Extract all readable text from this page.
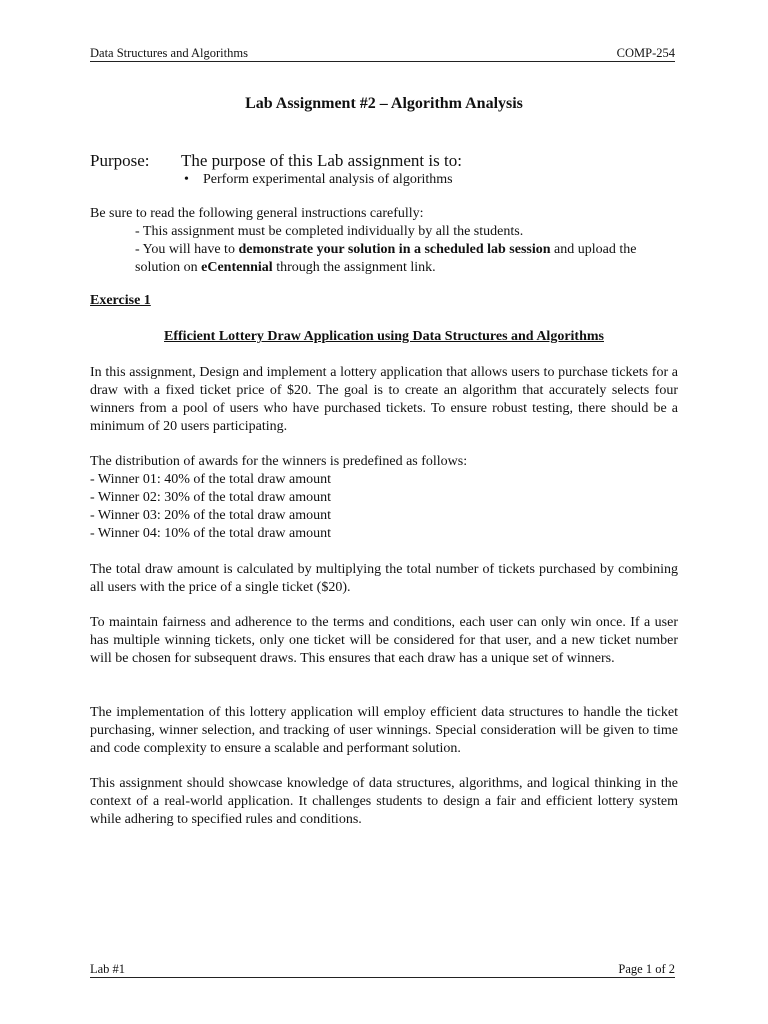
Data Structures and Algorithms	COMP-254
Lab Assignment #2 – Algorithm Analysis
Purpose: The purpose of this Lab assignment is to:
• Perform experimental analysis of algorithms

Be sure to read the following general instructions carefully:

- This assignment must be completed individually by all the students.

- You will have to demonstrate your solution in a scheduled lab session and upload the solution on eCentennial through the assignment link.

Exercise 1
Efficient Lottery Draw Application using Data Structures and Algorithms
In this assignment, Design and implement a lottery application that allows users to purchase tickets for a draw with a fixed ticket price of $20. The goal is to create an algorithm that accurately selects four winners from a pool of users who have purchased tickets. To ensure robust testing, there should be a minimum of 20 users participating.

The distribution of awards for the winners is predefined as follows:

- Winner 01: 40% of the total draw amount

- Winner 02: 30% of the total draw amount

- Winner 03: 20% of the total draw amount

- Winner 04: 10% of the total draw amount

The total draw amount is calculated by multiplying the total number of tickets purchased by combining all users with the price of a single ticket ($20).
To maintain fairness and adherence to the terms and conditions, each user can only win once. If a user has multiple winning tickets, only one ticket will be considered for that user, and a new ticket number will be chosen for subsequent draws. This ensures that each draw has a unique set of winners.
The implementation of this lottery application will employ efficient data structures to handle the ticket purchasing, winner selection, and tracking of user winnings. Special consideration will be given to time and code complexity to ensure a scalable and performant solution.
This assignment should showcase knowledge of data structures, algorithms, and logical thinking in the context of a real-world application. It challenges students to design a fair and efficient lottery system while adhering to specified rules and conditions.
Lab #1	Page 1 of 2
